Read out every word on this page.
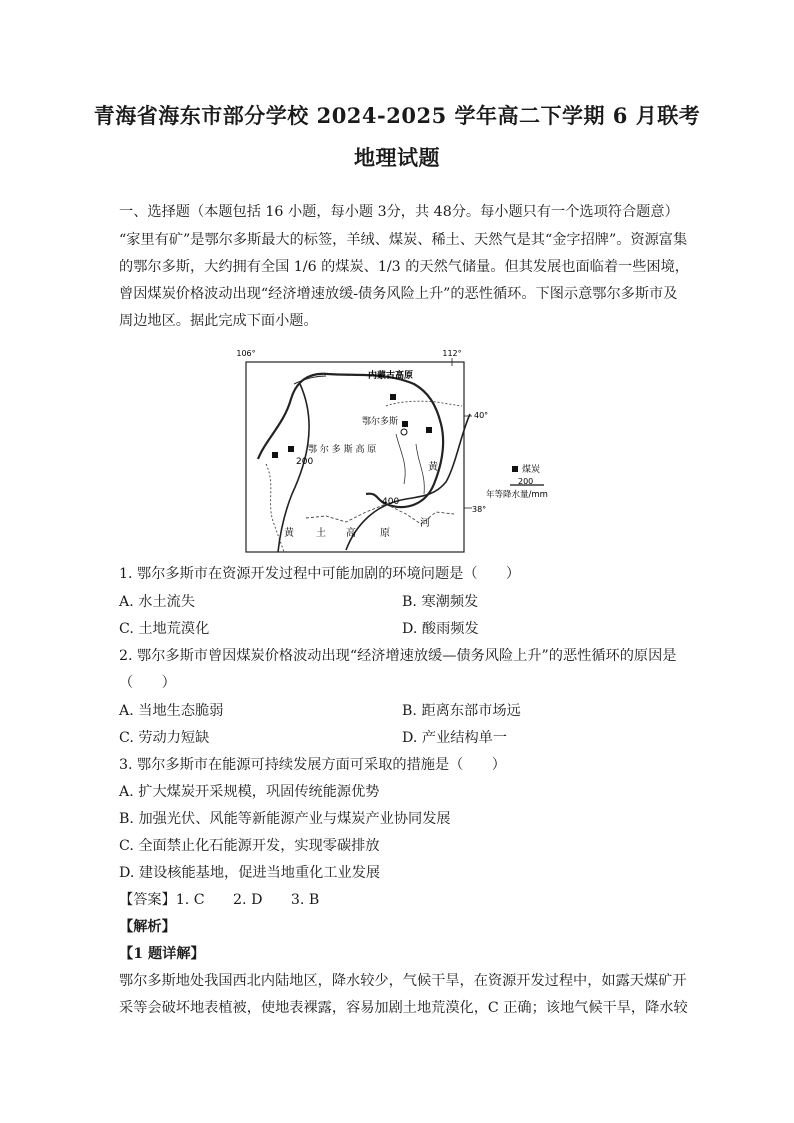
青海省海东市部分学校 2024-2025 学年高二下学期 6 月联考
地理试题
一、选择题（本题包括 16 小题，每小题 3分，共 48分。每小题只有一个选项符合题意）
“家里有矿”是鄂尔多斯最大的标签，羊绒、煤炭、稀土、天然气是其“金字招牌”。资源富集
的鄂尔多斯，大约拥有全国 1/6 的煤炭、1/3 的天然气储量。但其发展也面临着一些困境，
曾因煤炭价格波动出现“经济增速放缓-债务风险上升”的恶性循环。下图示意鄂尔多斯市及
周边地区。据此完成下面小题。
106°	112°
40°
38°
200
400
内蒙古高原
鄂尔多斯
鄂 尔 多 斯 高 原
黄
河
黄 土 高 原
煤炭
200
年等降水量/mm
1. 鄂尔多斯市在资源开发过程中可能加剧的环境问题是（　　）
A. 水土流失	B. 寒潮频发
C. 土地荒漠化	D. 酸雨频发
2. 鄂尔多斯市曾因煤炭价格波动出现“经济增速放缓—债务风险上升”的恶性循环的原因是
（　　）
A. 当地生态脆弱	B. 距离东部市场远
C. 劳动力短缺	D. 产业结构单一
3. 鄂尔多斯市在能源可持续发展方面可采取的措施是（　　）
A. 扩大煤炭开采规模，巩固传统能源优势
B. 加强光伏、风能等新能源产业与煤炭产业协同发展
C. 全面禁止化石能源开发，实现零碳排放
D. 建设核能基地，促进当地重化工业发展
【答案】1. C　　2. D　　3. B
【解析】
【1 题详解】
鄂尔多斯地处我国西北内陆地区，降水较少，气候干旱，在资源开发过程中，如露天煤矿开
采等会破坏地表植被，使地表裸露，容易加剧土地荒漠化，C 正确；该地气候干旱，降水较
